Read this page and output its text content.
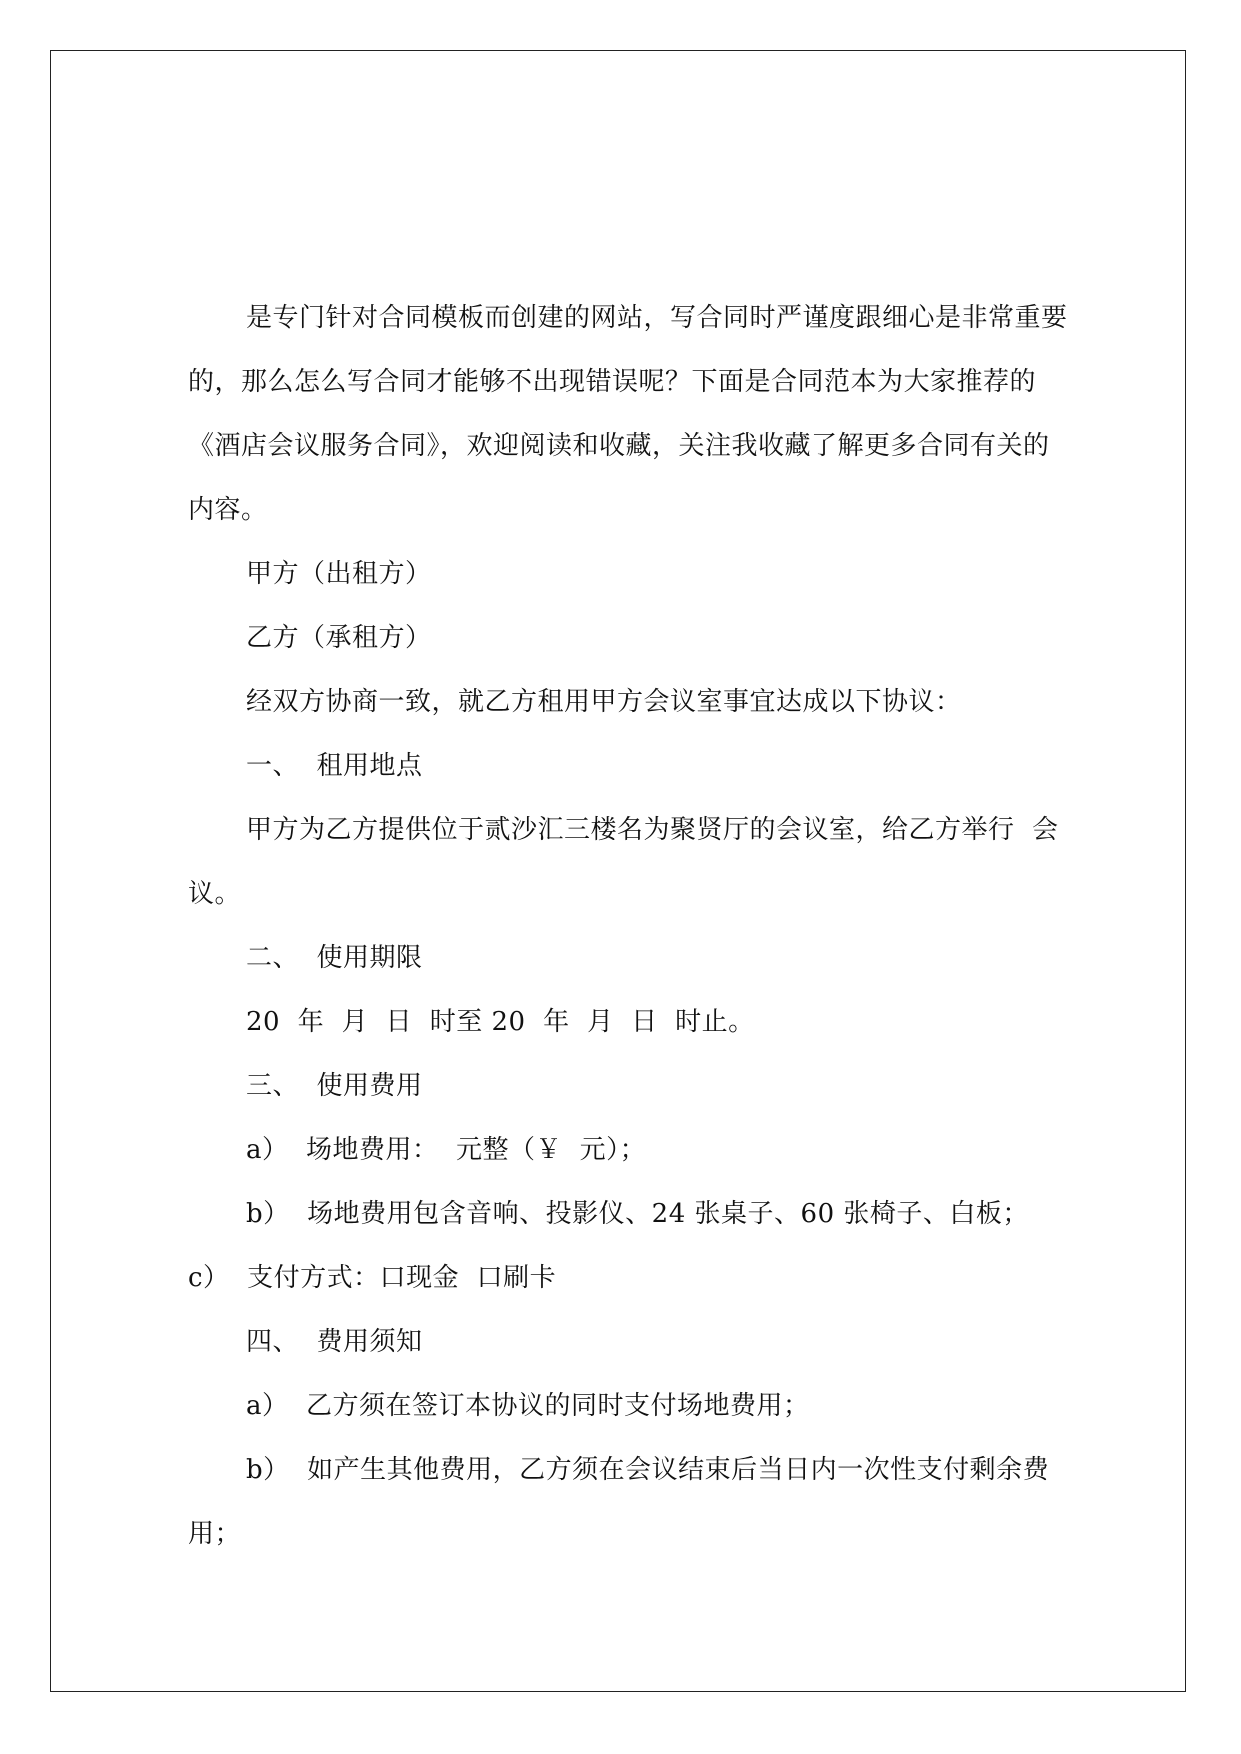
是专门针对合同模板而创建的网站，写合同时严谨度跟细心是非常重要的，那么怎么写合同才能够不出现错误呢？下面是合同范本为大家推荐的《酒店会议服务合同》，欢迎阅读和收藏，关注我收藏了解更多合同有关的内容。

甲方（出租方）

乙方（承租方）

经双方协商一致，就乙方租用甲方会议室事宜达成以下协议：

一、  租用地点

甲方为乙方提供位于贰沙汇三楼名为聚贤厅的会议室，给乙方举行  会议。

二、  使用期限

20  年  月  日  时至 20  年  月  日  时止。

三、  使用费用

a）  场地费用：  元整（￥  元）；

b）  场地费用包含音响、投影仪、24 张桌子、60 张椅子、白板；

c）  支付方式：口现金  口刷卡

四、  费用须知

a）  乙方须在签订本协议的同时支付场地费用；

b）  如产生其他费用，乙方须在会议结束后当日内一次性支付剩余费用；
